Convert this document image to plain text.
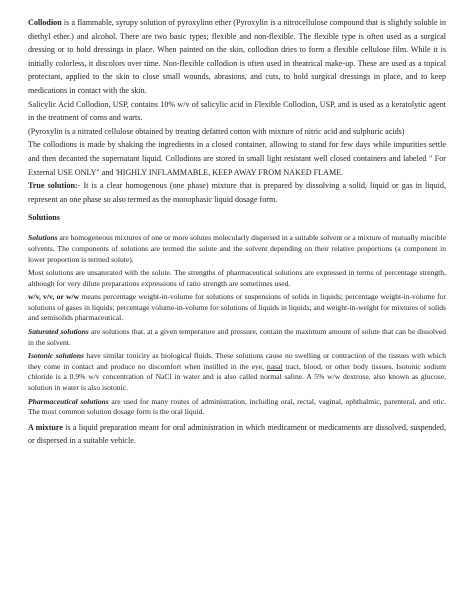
Collodion is a flammable, syrupy solution of pyroxylinn ether (Pyroxylin is a nitrocellulose compound that is slightly soluble in diethyl ether.) and alcohol. There are two basic types; flexible and non-flexible. The flexible type is often used as a surgical dressing or to hold dressings in place. When painted on the skin, collodion dries to form a flexible cellulose film. While it is initially colorless, it discolors over time. Non-flexible collodion is often used in theatrical make-up. These are used as a topical protectant, applied to the skin to close small wounds, abrasions, and cuts, to hold surgical dressings in place, and to keep medications in contact with the skin.

Salicylic Acid Collodion, USP, contains 10% w/v of salicylic acid in Flexible Collodion, USP, and is used as a keratolytic agent in the treatment of corns and warts.

(Pyroxylin is a nitrated cellulose obtained by treating defatted cotton with mixture of nitric acid and sulphuric acids)

The collodions is made by shaking the ingredients in a closed container, allowing to stand for few days while impurities settle and then decanted the supernatant liquid. Collodions are stored in small light resistant well closed containers and labeled " For External USE ONLY" and 'HIGHLY INFLAMMABLE, KEEP AWAY FROM NAKED FLAME.

True solution:- It is a clear homogenous (one phase) mixture that is prepared by dissolving a solid, liquid or gas in liquid, represent an one phase so also termed as the monophasic liquid dosage form.

Solutions

Solutions are homogeneous mixtures of one or more solutes molecularly dispersed in a suitable solvent or a mixture of mutually miscible solvents. The components of solutions are termed the solute and the solvent depending on their relative proportions (a component in lower proportion is termed solute).

Most solutions are unsaturated with the solute. The strengths of pharmaceutical solutions are expressed in terms of percentage strength, although for very dilute preparations expressions of ratio strength are sometimes used.

w/v, v/v, or w/w means percentage weight-in-volume for solutions or suspensions of solids in liquids; percentage weight-in-volume for solutions of gases in liquids; percentage volume-in-volume for solutions of liquids in liquids; and weight-in-weight for mixtures of solids and semisolids pharmaceutical.

Saturated solutions are solutions that, at a given temperature and pressure, contain the maximum amount of solute that can be dissolved in the solvent.

Isotonic solutions have similar tonicity as biological fluids. These solutions cause no swelling or contraction of the tissues with which they come in contact and produce no discomfort when instilled in the eye, nasal tract, blood, or other body tissues. Isotonic sodium chloride is a 0.9% w/v concentration of NaCl in water and is also called normal saline. A 5% w/w dextrose, also known as glucose, solution in water is also isotonic.

Pharmaceutical solutions are used for many routes of administration, including oral, rectal, vaginal, ophthalmic, parenteral, and otic. The most common solution dosage form is the oral liquid.

A mixture is a liquid preparation meant for oral administration in which medicament or medicaments are dissolved, suspended, or dispersed in a suitable vehicle.
